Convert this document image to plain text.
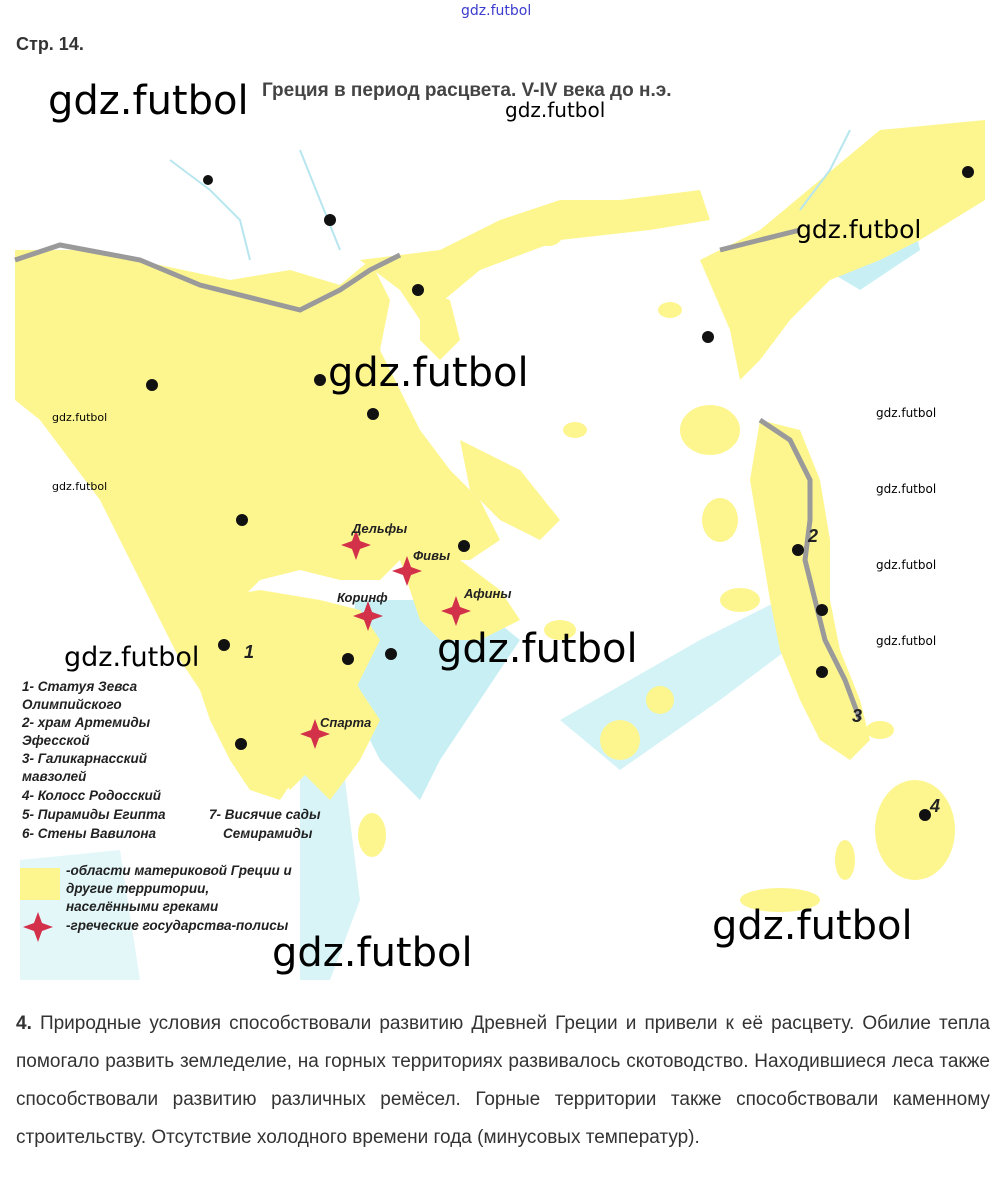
gdz.futbol
Стр. 14.
Греция в период расцвета. V-IV века до н.э.
Дельфы
Фивы
Коринф	Афины
Спарта
1
2
3
4
1- Статуя Зевса
Олимпийского
2- храм Артемиды
Эфесской
3- Галикарнасский
мавзолей
4- Колосс Родосский
5- Пирамиды Египта
6- Стены Вавилона
7- Висячие сады
Семирамиды
-области материковой Греции и
другие территории,
населёнными греками
-греческие государства-полисы
gdz.futbol	gdz.futbol
gdz.futbol
gdz.futbol
gdz.futbol
gdz.futbol
gdz.futbol
gdz.futbol
gdz.futbol
gdz.futbol
gdz.futbol	gdz.futbol
gdz.futbol
gdz.futbol
4. Природные условия способствовали развитию Древней Греции и привели к её расцвету. Обилие тепла помогало развить земледелие, на горных территориях развивалось скотоводство. Находившиеся леса также способствовали развитию различных ремёсел. Горные территории также способствовали каменному строительству. Отсутствие холодного времени года (минусовых температур).
